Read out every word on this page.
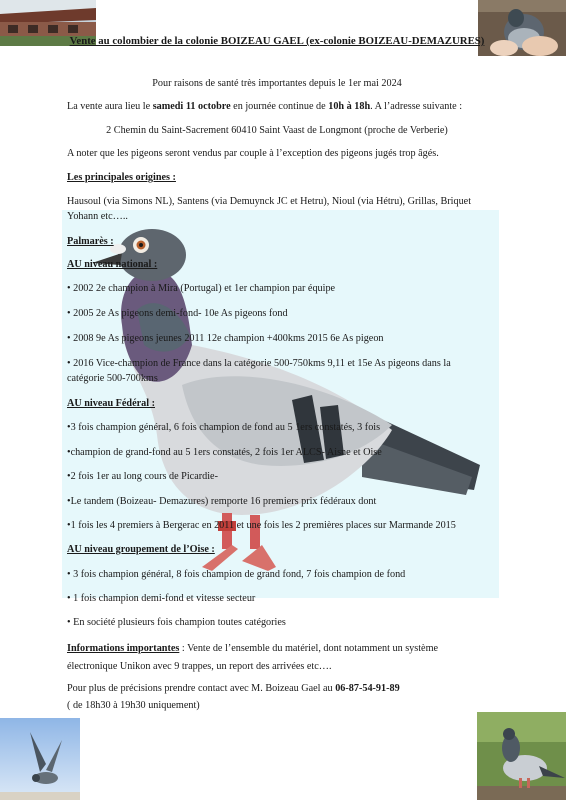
Vente au colombier de la colonie BOIZEAU GAEL (ex-colonie BOIZEAU-DEMAZURES)
Pour raisons de santé très importantes depuis le 1er mai 2024
La vente aura lieu le samedi 11 octobre en journée continue de 10h à 18h. A l’adresse suivante :
2 Chemin du Saint-Sacrement 60410 Saint Vaast de Longmont (proche de Verberie)
A noter que les pigeons seront vendus par couple à l’exception des pigeons jugés trop âgés.
Les principales origines :
Hausoul (via Simons NL), Santens (via Demuynck JC et Hetru), Nioul (via Hétru), Grillas, Briquet Yohann etc…..
Palmarès :
AU niveau national :
• 2002 2e champion à Mira (Portugal) et 1er champion par équipe
• 2005 2e As pigeons demi-fond- 10e As pigeons fond
• 2008 9e As pigeons jeunes 2011 12e champion +400kms 2015 6e As pigeon
• 2016 Vice-champion de France dans la catégorie 500-750kms 9,11 et 15e As pigeons dans la catégorie 500-700kms
AU niveau Fédéral :
•3 fois champion général, 6 fois champion de fond au 5 1ers constatés, 3 fois
•champion de grand-fond au 5 1ers constatés, 2 fois 1er ALCS- Aisne et Oise
•2 fois 1er au long cours de Picardie-
•Le tandem (Boizeau- Demazures) remporte 16 premiers prix fédéraux dont
•1 fois les 4 premiers à Bergerac en 2011 et une fois les 2 premières places sur Marmande 2015
AU niveau groupement de l’Oise :
• 3 fois champion général, 8 fois champion de grand fond, 7 fois champion de fond
• 1 fois champion demi-fond et vitesse secteur
• En société plusieurs fois champion toutes catégories
Informations importantes : Vente de l’ensemble du matériel, dont notamment un système électronique Unikon avec 9 trappes, un report des arrivées etc….
Pour plus de précisions prendre contact avec M. Boizeau Gael au 06-87-54-91-89
( de 18h30 à 19h30 uniquement)
